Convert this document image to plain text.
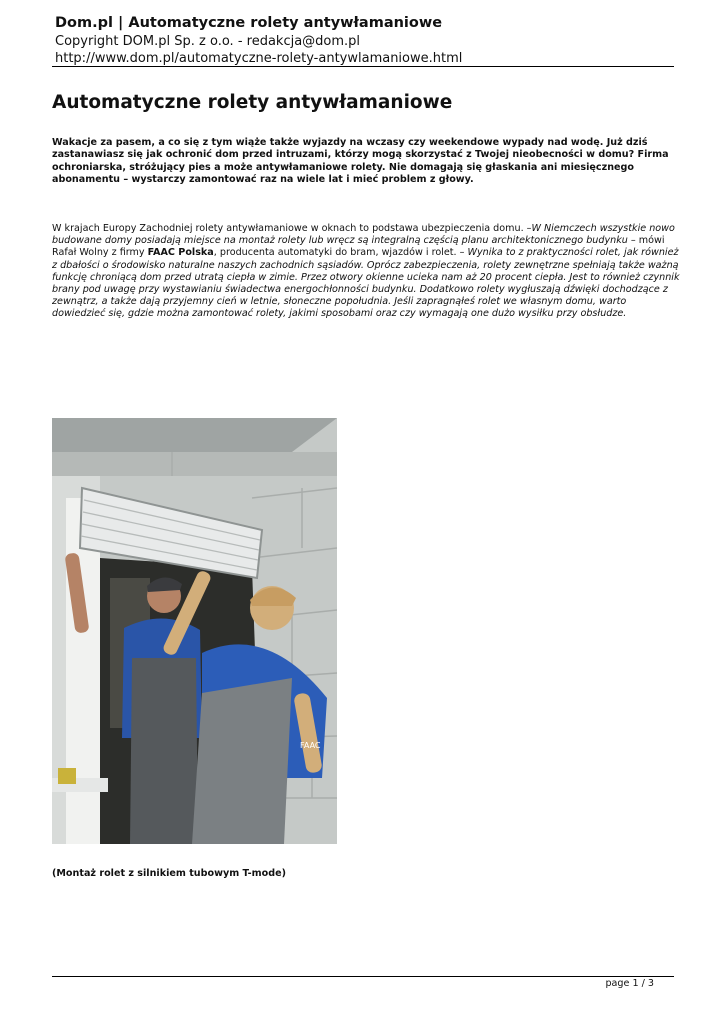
Dom.pl | Automatyczne rolety antywłamaniowe
Copyright DOM.pl Sp. z o.o. - redakcja@dom.pl
http://www.dom.pl/automatyczne-rolety-antywlamaniowe.html
Automatyczne rolety antywłamaniowe

Wakacje za pasem, a co się z tym wiąże także wyjazdy na wczasy czy weekendowe wypady nad wodę. Już dziś zastanawiasz się jak ochronić dom przed intruzami, którzy mogą skorzystać z Twojej nieobecności w domu? Firma ochroniarska, stróżujący pies a może antywłamaniowe rolety. Nie domagają się głaskania ani miesięcznego abonamentu – wystarczy zamontować raz na wiele lat i mieć problem z głowy.

W krajach Europy Zachodniej rolety antywłamaniowe w oknach to podstawa ubezpieczenia domu. –W Niemczech wszystkie nowo budowane domy posiadają miejsce na montaż rolety lub wręcz są integralną częścią planu architektonicznego budynku – mówi Rafał Wolny z firmy FAAC Polska, producenta automatyki do bram, wjazdów i rolet. – Wynika to z praktyczności rolet, jak również z dbałości o środowisko naturalne naszych zachodnich sąsiadów. Oprócz zabezpieczenia, rolety zewnętrzne spełniają także ważną funkcję chroniącą dom przed utratą ciepła w zimie. Przez otwory okienne ucieka nam aż 20 procent ciepła. Jest to również czynnik brany pod uwagę przy wystawianiu świadectwa energochłonności budynku. Dodatkowo rolety wygłuszają dźwięki dochodzące z zewnątrz, a także dają przyjemny cień w letnie, słoneczne popołudnia. Jeśli zapragnąłeś rolet we własnym domu, warto dowiedzieć się, gdzie można zamontować rolety, jakimi sposobami oraz czy wymagają one dużo wysiłku przy obsłudze.

FAAC

(Montaż rolet z silnikiem tubowym T-mode)

page 1 / 3
